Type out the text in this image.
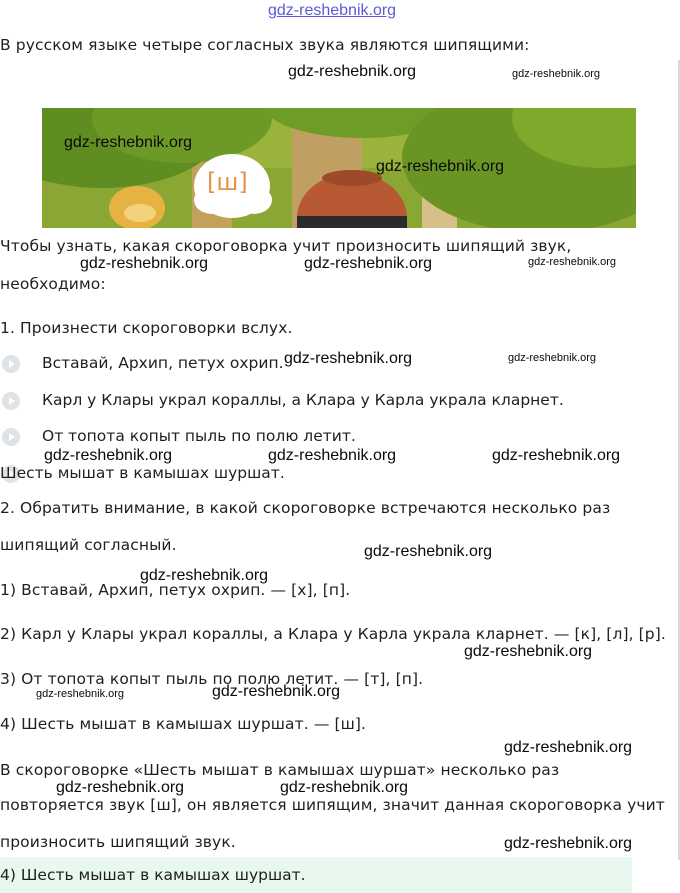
gdz-reshebnik.org
В русском языке четыре согласных звука являются шипящими:
[ш]
Чтобы узнать, какая скороговорка учит произносить шипящий звук,
необходимо:
1. Произнести скороговорки вслух.
Вставай, Архип, петух охрип.
Карл у Клары украл кораллы, а Клара у Карла украла кларнет.
От топота копыт пыль по полю летит.
Шесть мышат в камышах шуршат.
2. Обратить внимание, в какой скороговорке встречаются несколько раз
шипящий согласный.
1) Вставай, Архип, петух охрип. — [х], [п].
2) Карл у Клары украл кораллы, а Клара у Карла украла кларнет. — [к], [л], [р].
3) От топота копыт пыль по полю летит. — [т], [п].
4) Шесть мышат в камышах шуршат. — [ш].
В скороговорке «Шесть мышат в камышах шуршат» несколько раз
повторяется звук [ш], он является шипящим, значит данная скороговорка учит
произносить шипящий звук.
4) Шесть мышат в камышах шуршат.
gdz-reshebnik.org	gdz-reshebnik.org
gdz-reshebnik.org
gdz-reshebnik.org
gdz-reshebnik.org	gdz-reshebnik.org	gdz-reshebnik.org
gdz-reshebnik.org	gdz-reshebnik.org
gdz-reshebnik.org	gdz-reshebnik.org	gdz-reshebnik.org
gdz-reshebnik.org
gdz-reshebnik.org
gdz-reshebnik.org
gdz-reshebnik.org	gdz-reshebnik.org
gdz-reshebnik.org
gdz-reshebnik.org	gdz-reshebnik.org
gdz-reshebnik.org
